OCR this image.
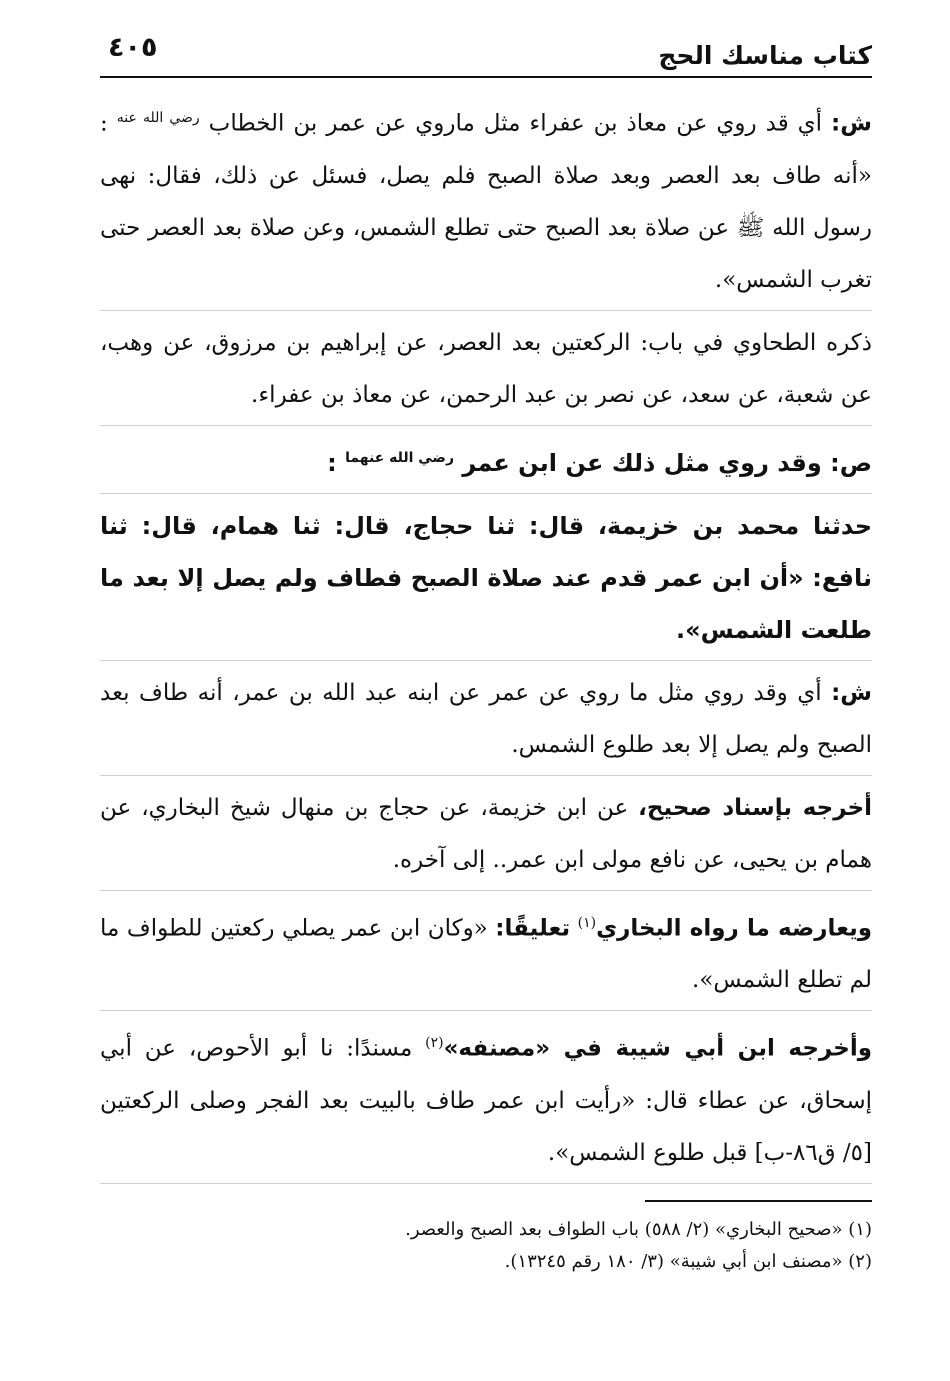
كتاب مناسك الحج
٤٠٥

ش: أي قد روي عن معاذ بن عفراء مثل ماروي عن عمر بن الخطاب $^{رضي الله عنه}$ : «أنه طاف بعد العصر وبعد صلاة الصبح فلم يصل، فسئل عن ذلك، فقال: نهى رسول الله ﷺ عن صلاة بعد الصبح حتى تطلع الشمس، وعن صلاة بعد العصر حتى تغرب الشمس».

ذكره الطحاوي في باب: الركعتين بعد العصر، عن إبراهيم بن مرزوق، عن وهب، عن شعبة، عن سعد، عن نصر بن عبد الرحمن، عن معاذ بن عفراء.

ص: وقد روي مثل ذلك عن ابن عمر $^{رضي الله عنهما}$ :

حدثنا محمد بن خزيمة، قال: ثنا حجاج، قال: ثنا همام، قال: ثنا نافع: «أن ابن عمر قدم عند صلاة الصبح فطاف ولم يصل إلا بعد ما طلعت الشمس».

ش: أي وقد روي مثل ما روي عن عمر عن ابنه عبد الله بن عمر، أنه طاف بعد الصبح ولم يصل إلا بعد طلوع الشمس.

أخرجه بإسناد صحيح، عن ابن خزيمة، عن حجاج بن منهال شيخ البخاري، عن همام بن يحيى، عن نافع مولى ابن عمر.. إلى آخره.

ويعارضه ما رواه البخاري$^{(١)}$ تعليقًا: «وكان ابن عمر يصلي ركعتين للطواف ما لم تطلع الشمس».

وأخرجه ابن أبي شيبة في «مصنفه»$^{(٢)}$ مسندًا: نا أبو الأحوص، عن أبي إسحاق، عن عطاء قال: «رأيت ابن عمر طاف بالبيت بعد الفجر وصلى الركعتين [٥/ ق٨٦-ب] قبل طلوع الشمس».

(١) «صحيح البخاري» (٢/ ٥٨٨) باب الطواف بعد الصبح والعصر.

(٢) «مصنف ابن أبي شيبة» (٣/ ١٨٠ رقم ١٣٢٤٥).
